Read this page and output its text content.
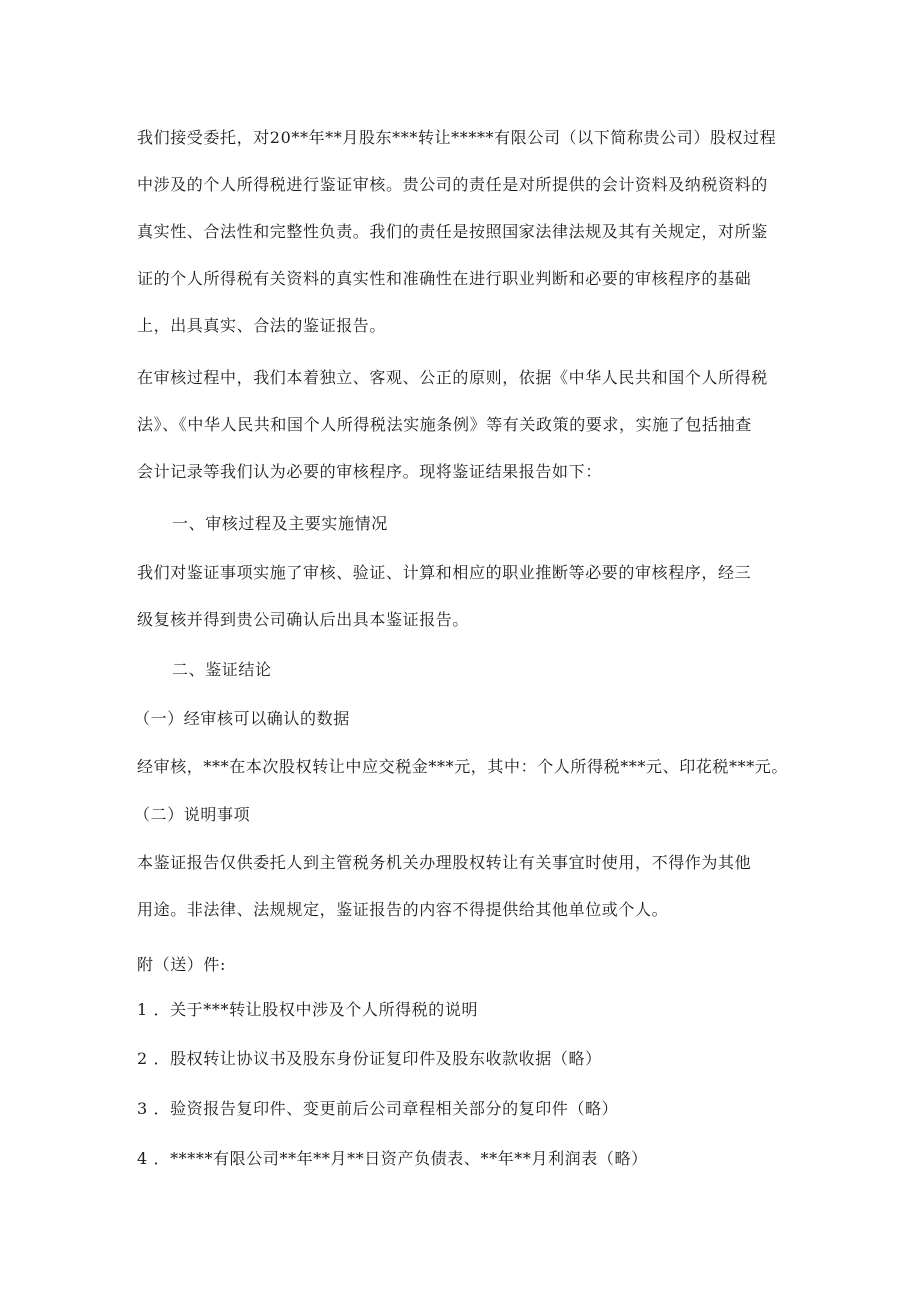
我们接受委托，对20**年**月股东***转让*****有限公司（以下简称贵公司）股权过程
中涉及的个人所得税进行鉴证审核。贵公司的责任是对所提供的会计资料及纳税资料的
真实性、合法性和完整性负责。我们的责任是按照国家法律法规及其有关规定，对所鉴
证的个人所得税有关资料的真实性和准确性在进行职业判断和必要的审核程序的基础
上，出具真实、合法的鉴证报告。
在审核过程中，我们本着独立、客观、公正的原则，依据《中华人民共和国个人所得税
法》、《中华人民共和国个人所得税法实施条例》等有关政策的要求，实施了包括抽查
会计记录等我们认为必要的审核程序。现将鉴证结果报告如下：
一、审核过程及主要实施情况
我们对鉴证事项实施了审核、验证、计算和相应的职业推断等必要的审核程序，经三
级复核并得到贵公司确认后出具本鉴证报告。
二、鉴证结论
（一）经审核可以确认的数据
经审核，***在本次股权转让中应交税金***元，其中：个人所得税***元、印花税***元。
（二）说明事项
本鉴证报告仅供委托人到主管税务机关办理股权转让有关事宜时使用，不得作为其他
用途。非法律、法规规定，鉴证报告的内容不得提供给其他单位或个人。
附（送）件:
1 ．关于***转让股权中涉及个人所得税的说明
2 ．股权转让协议书及股东身份证复印件及股东收款收据（略）
3 ．验资报告复印件、变更前后公司章程相关部分的复印件（略）
4 ．*****有限公司**年**月**日资产负债表、**年**月利润表（略）
